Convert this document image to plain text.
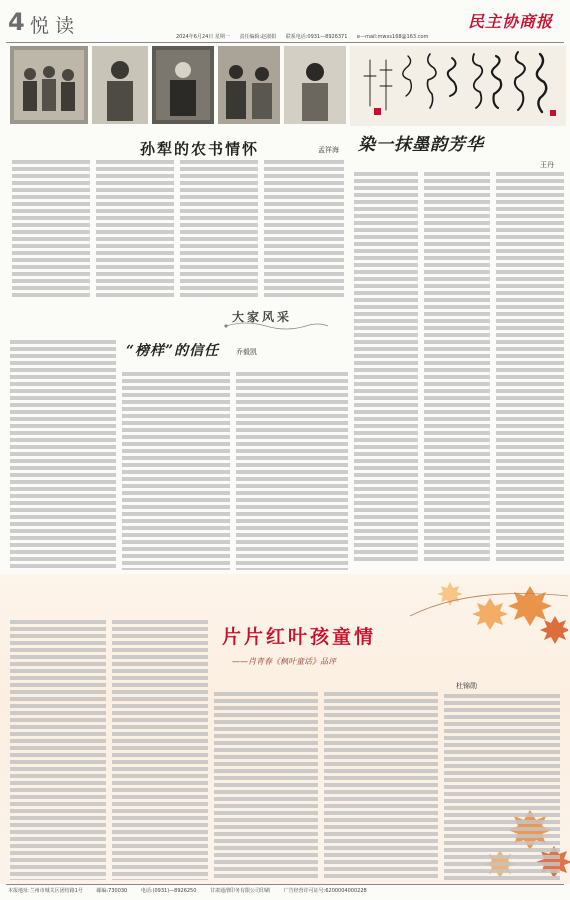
4 悦读	2024年6月24日 星期一 责任编辑:赵淑娟 联系电话:0931—8926371 e—mail:mwxs168@163.com
民主协商报
孙犁的农书情怀	孟祥海 染一抹墨韵芳华
王丹
大家风采
“榜样”的信任 乔毅凯
片片红叶孩童情
——肖青春《枫叶童话》品评
杜锦勋
本报地址:兰州市城关区团结路1号	邮编:730030	电话:(0931)—8926250	甘肃通渭印务有限公司印刷	广告经营许可证号:6200004000228
